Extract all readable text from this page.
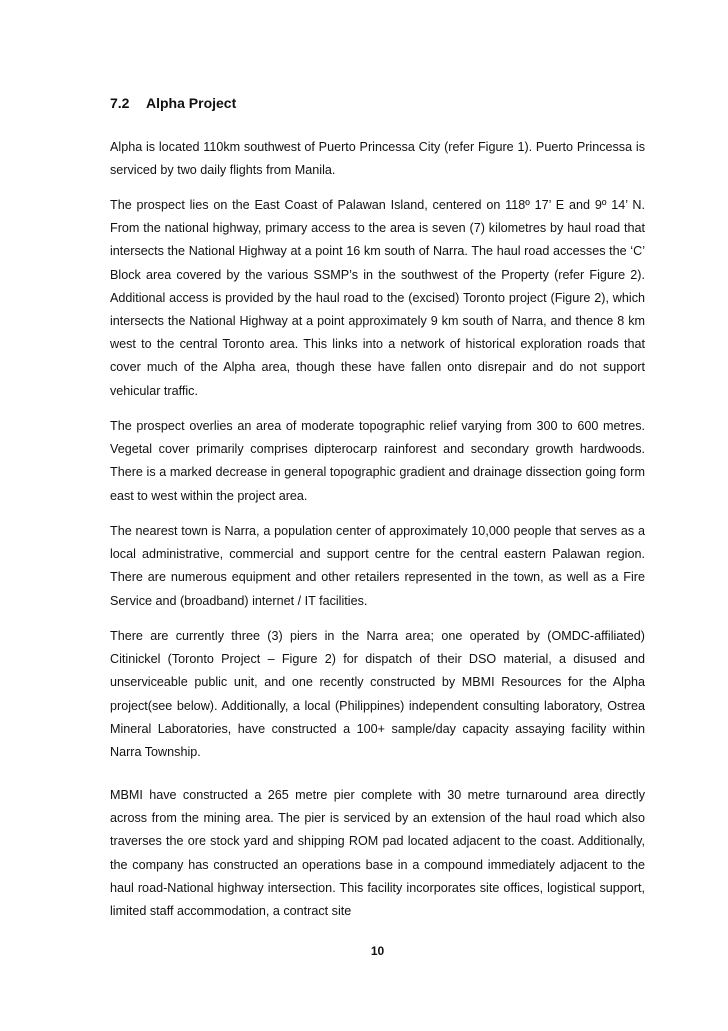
7.2 Alpha Project

Alpha is located 110km southwest of Puerto Princessa City (refer Figure 1). Puerto Princessa is serviced by two daily flights from Manila.

The prospect lies on the East Coast of Palawan Island, centered on 118º 17’ E and 9º 14’ N. From the national highway, primary access to the area is seven (7) kilometres by haul road that intersects the National Highway at a point 16 km south of Narra. The haul road accesses the ‘C’ Block area covered by the various SSMP’s in the southwest of the Property (refer Figure 2). Additional access is provided by the haul road to the (excised) Toronto project (Figure 2), which intersects the National Highway at a point approximately 9 km south of Narra, and thence 8 km west to the central Toronto area. This links into a network of historical exploration roads that cover much of the Alpha area, though these have fallen onto disrepair and do not support vehicular traffic.

The prospect overlies an area of moderate topographic relief varying from 300 to 600 metres. Vegetal cover primarily comprises dipterocarp rainforest and secondary growth hardwoods. There is a marked decrease in general topographic gradient and drainage dissection going form east to west within the project area.

The nearest town is Narra, a population center of approximately 10,000 people that serves as a local administrative, commercial and support centre for the central eastern Palawan region. There are numerous equipment and other retailers represented in the town, as well as a Fire Service and (broadband) internet / IT facilities.

There are currently three (3) piers in the Narra area; one operated by (OMDC-affiliated) Citinickel (Toronto Project – Figure 2) for dispatch of their DSO material, a disused and unserviceable public unit, and one recently constructed by MBMI Resources for the Alpha project(see below). Additionally, a local (Philippines) independent consulting laboratory, Ostrea Mineral Laboratories, have constructed a 100+ sample/day capacity assaying facility within Narra Township.

MBMI have constructed a 265 metre pier complete with 30 metre turnaround area directly across from the mining area. The pier is serviced by an extension of the haul road which also traverses the ore stock yard and shipping ROM pad located adjacent to the coast. Additionally, the company has constructed an operations base in a compound immediately adjacent to the haul road-National highway intersection. This facility incorporates site offices, logistical support, limited staff accommodation, a contract site

10
